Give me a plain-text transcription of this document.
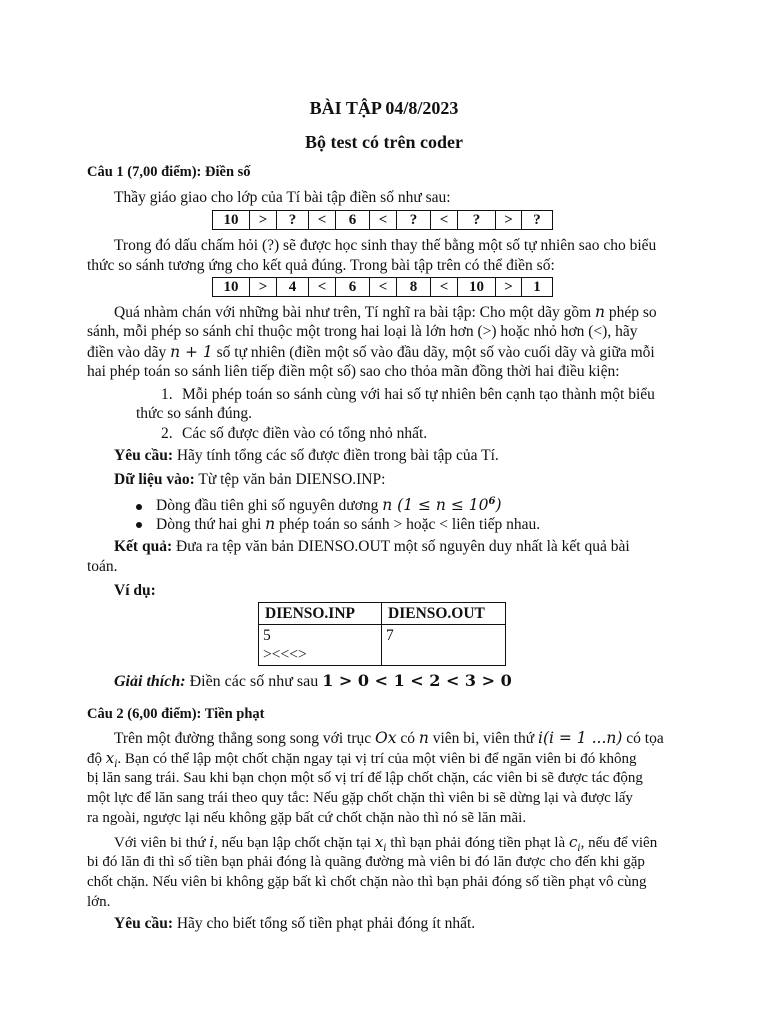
BÀI TẬP 04/8/2023
Bộ test có trên coder
Câu 1 (7,00 điểm): Điền số
Thầy giáo giao cho lớp của Tí bài tập điền số như sau:
10	>	?	<	6	<	?	<	?	>	?
Trong đó dấu chấm hỏi (?) sẽ được học sinh thay thế bằng một số tự nhiên sao cho biểu
thức so sánh tương ứng cho kết quả đúng. Trong bài tập trên có thể điền số:
10	>	4	<	6	<	8	<	10	>	1
Quá nhàm chán với những bài như trên, Tí nghĩ ra bài tập: Cho một dãy gồm n phép so
sánh, mỗi phép so sánh chỉ thuộc một trong hai loại là lớn hơn (>) hoặc nhỏ hơn (<), hãy
điền vào dãy n + 1 số tự nhiên (điền một số vào đầu dãy, một số vào cuối dãy và giữa mỗi
hai phép toán so sánh liên tiếp điền một số) sao cho thỏa mãn đồng thời hai điều kiện:
1. Mỗi phép toán so sánh cùng với hai số tự nhiên bên cạnh tạo thành một biểu
thức so sánh đúng.
2. Các số được điền vào có tổng nhỏ nhất.
Yêu cầu: Hãy tính tổng các số được điền trong bài tập của Tí.
Dữ liệu vào: Từ tệp văn bản DIENSO.INP:
Dòng đầu tiên ghi số nguyên dương n $(1 \le n \le 10^6)$
Dòng thứ hai ghi n phép toán so sánh > hoặc < liên tiếp nhau.
Kết quả: Đưa ra tệp văn bản DIENSO.OUT một số nguyên duy nhất là kết quả bài
toán.
Ví dụ:
DIENSO.INP	DIENSO.OUT

5
><<<>	7
Giải thích: Điền các số như sau 1 > 0 < 1 < 2 < 3 > 0
Câu 2 (6,00 điểm): Tiền phạt
Trên một đường thẳng song song với trục Ox có n viên bi, viên thứ i(i = 1 ...n) có tọa
độ $x_i$. Bạn có thể lập một chốt chặn ngay tại vị trí của một viên bi để ngăn viên bi đó không
bị lăn sang trái. Sau khi bạn chọn một số vị trí để lập chốt chặn, các viên bi sẽ được tác động
một lực để lăn sang trái theo quy tắc: Nếu gặp chốt chặn thì viên bi sẽ dừng lại và được lấy
ra ngoài, ngược lại nếu không gặp bất cứ chốt chặn nào thì nó sẽ lăn mãi.
Với viên bi thứ i, nếu bạn lập chốt chặn tại $x_i$ thì bạn phải đóng tiền phạt là $c_i$, nếu để viên
bi đó lăn đi thì số tiền bạn phải đóng là quãng đường mà viên bi đó lăn được cho đến khi gặp
chốt chặn. Nếu viên bi không gặp bất kì chốt chặn nào thì bạn phải đóng số tiền phạt vô cùng
lớn.
Yêu cầu: Hãy cho biết tổng số tiền phạt phải đóng ít nhất.
